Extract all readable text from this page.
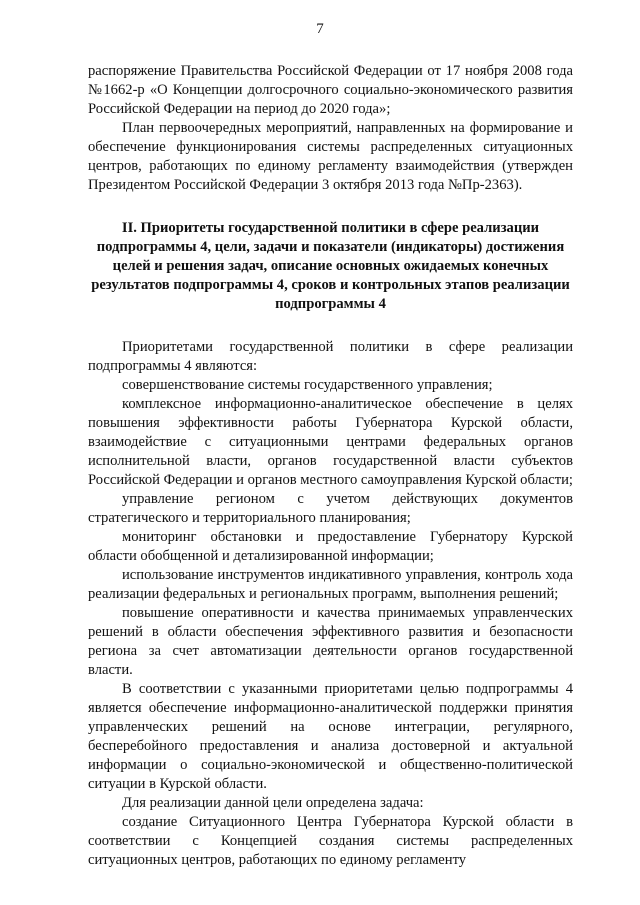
7

распоряжение Правительства Российской Федерации от 17 ноября 2008 года №1662-р «О Концепции долгосрочного социально-экономического развития Российской Федерации на период до 2020 года»;

План первоочередных мероприятий, направленных на формирование и обеспечение функционирования системы распределенных ситуационных центров, работающих по единому регламенту взаимодействия (утвержден Президентом Российской Федерации 3 октября 2013 года №Пр-2363).

II. Приоритеты государственной политики в сфере реализации подпрограммы 4, цели, задачи и показатели (индикаторы) достижения целей и решения задач, описание основных ожидаемых конечных результатов подпрограммы 4, сроков и контрольных этапов реализации подпрограммы 4

Приоритетами государственной политики в сфере реализации подпрограммы 4 являются:

совершенствование системы государственного управления;

комплексное информационно-аналитическое обеспечение в целях повышения эффективности работы Губернатора Курской области, взаимодействие с ситуационными центрами федеральных органов исполнительной власти, органов государственной власти субъектов Российской Федерации и органов местного самоуправления Курской области;

управление регионом с учетом действующих документов стратегического и территориального планирования;

мониторинг обстановки и предоставление Губернатору Курской области обобщенной и детализированной информации;

использование инструментов индикативного управления, контроль хода реализации федеральных и региональных программ, выполнения решений;

повышение оперативности и качества принимаемых управленческих решений в области обеспечения эффективного развития и безопасности региона за счет автоматизации деятельности органов государственной власти.

В соответствии с указанными приоритетами целью подпрограммы 4 является обеспечение информационно-аналитической поддержки принятия управленческих решений на основе интеграции, регулярного, бесперебойного предоставления и анализа достоверной и актуальной информации о социально-экономической и общественно-политической ситуации в Курской области.

Для реализации данной цели определена задача:

создание Ситуационного Центра Губернатора Курской области в соответствии с Концепцией создания системы распределенных ситуационных центров, работающих по единому регламенту
